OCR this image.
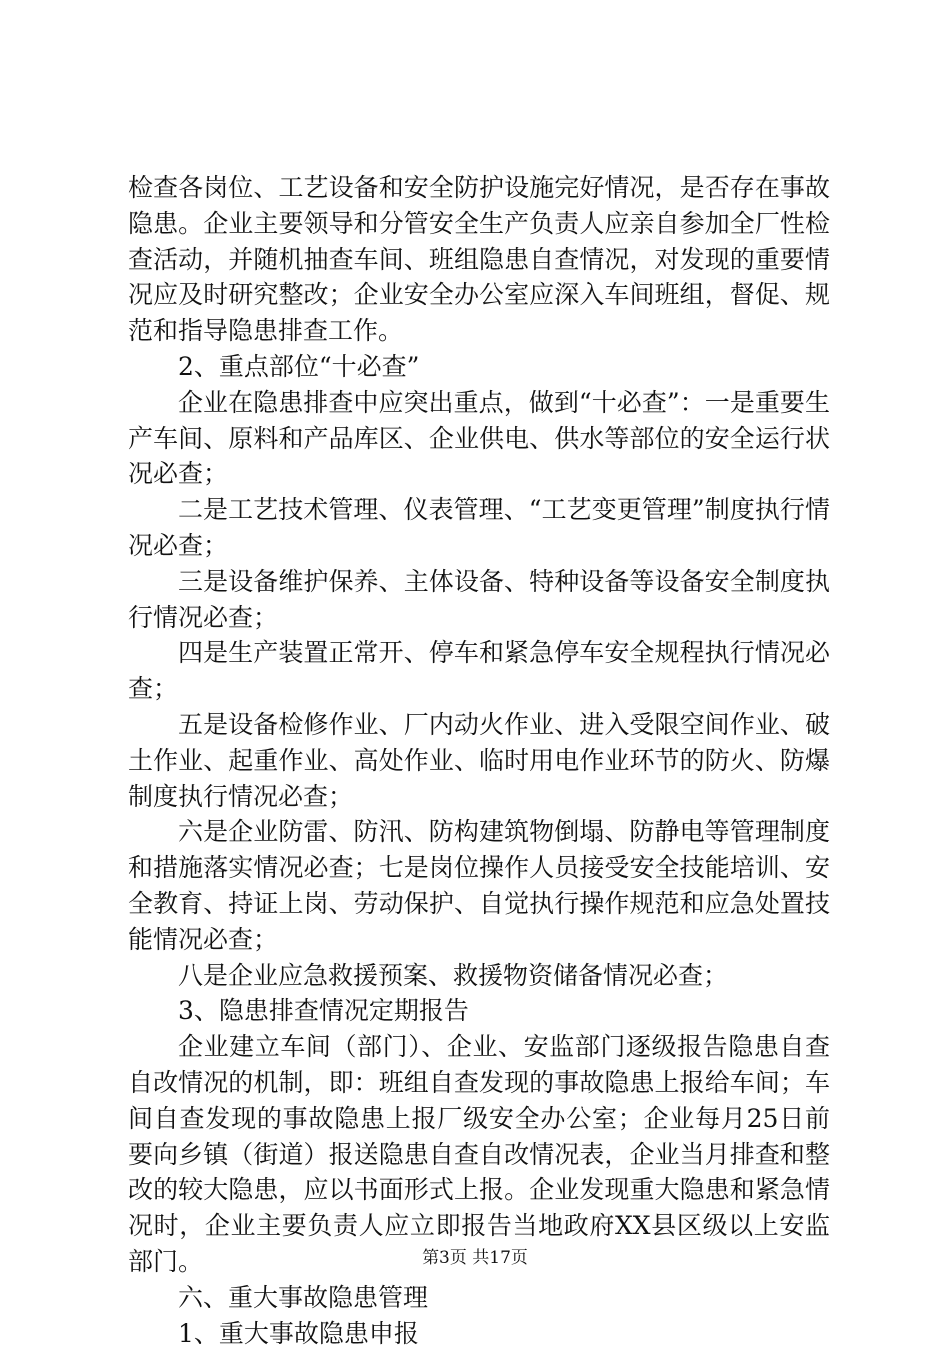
检查各岗位、工艺设备和安全防护设施完好情况，是否存在事故隐患。企业主要领导和分管安全生产负责人应亲自参加全厂性检查活动，并随机抽查车间、班组隐患自查情况，对发现的重要情况应及时研究整改；企业安全办公室应深入车间班组，督促、规范和指导隐患排查工作。

2、重点部位“十必查”

企业在隐患排查中应突出重点，做到“十必查”：一是重要生产车间、原料和产品库区、企业供电、供水等部位的安全运行状况必查；

二是工艺技术管理、仪表管理、“工艺变更管理”制度执行情况必查；

三是设备维护保养、主体设备、特种设备等设备安全制度执行情况必查；

四是生产装置正常开、停车和紧急停车安全规程执行情况必查；

五是设备检修作业、厂内动火作业、进入受限空间作业、破土作业、起重作业、高处作业、临时用电作业环节的防火、防爆制度执行情况必查；

六是企业防雷、防汛、防构建筑物倒塌、防静电等管理制度和措施落实情况必查；七是岗位操作人员接受安全技能培训、安全教育、持证上岗、劳动保护、自觉执行操作规范和应急处置技能情况必查；

八是企业应急救援预案、救援物资储备情况必查；

3、隐患排查情况定期报告

企业建立车间（部门）、企业、安监部门逐级报告隐患自查自改情况的机制，即：班组自查发现的事故隐患上报给车间；车间自查发现的事故隐患上报厂级安全办公室；企业每月25日前要向乡镇（街道）报送隐患自查自改情况表，企业当月排查和整改的较大隐患，应以书面形式上报。企业发现重大隐患和紧急情况时，企业主要负责人应立即报告当地政府XX县区级以上安监部门。

六、重大事故隐患管理

1、重大事故隐患申报

第3页 共17页
